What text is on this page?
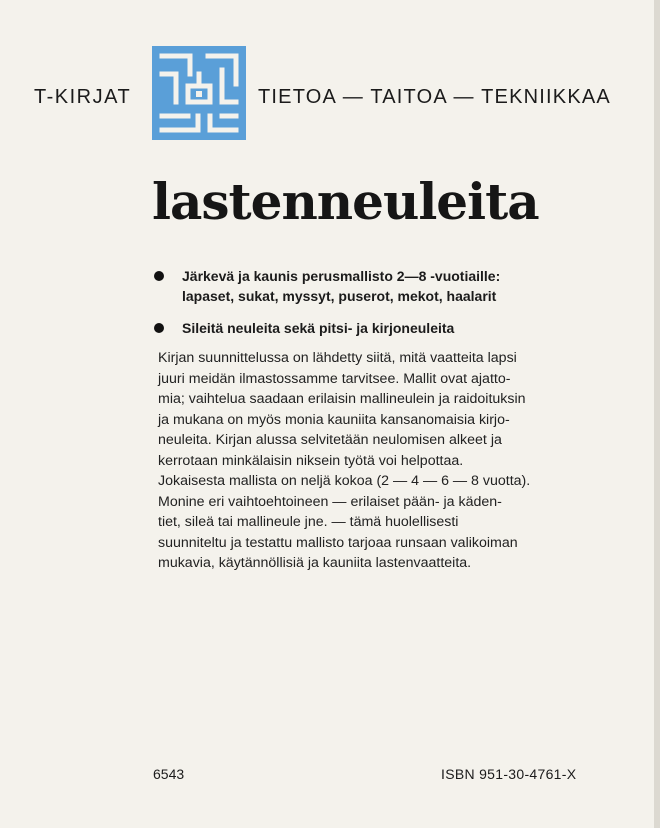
T-KIRJAT	TIETOA — TAITOA — TEKNIIKKAA
lastenneuleita
Järkevä ja kaunis perusmallisto 2—8 -vuotiaille:
lapaset, sukat, myssyt, puserot, mekot, haalarit
Sileitä neuleita sekä pitsi- ja kirjoneuleita
Kirjan suunnittelussa on lähdetty siitä, mitä vaatteita lapsi
juuri meidän ilmastossamme tarvitsee. Mallit ovat ajatto-
mia; vaihtelua saadaan erilaisin mallineulein ja raidoituksin
ja mukana on myös monia kauniita kansanomaisia kirjo-
neuleita. Kirjan alussa selvitetään neulomisen alkeet ja
kerrotaan minkälaisin niksein työtä voi helpottaa.
Jokaisesta mallista on neljä kokoa (2 — 4 — 6 — 8 vuotta).
Monine eri vaihtoehtoineen — erilaiset pään- ja käden-
tiet, sileä tai mallineule jne. — tämä huolellisesti
suunniteltu ja testattu mallisto tarjoaa runsaan valikoiman
mukavia, käytännöllisiä ja kauniita lastenvaatteita.
6543	ISBN 951-30-4761-X
